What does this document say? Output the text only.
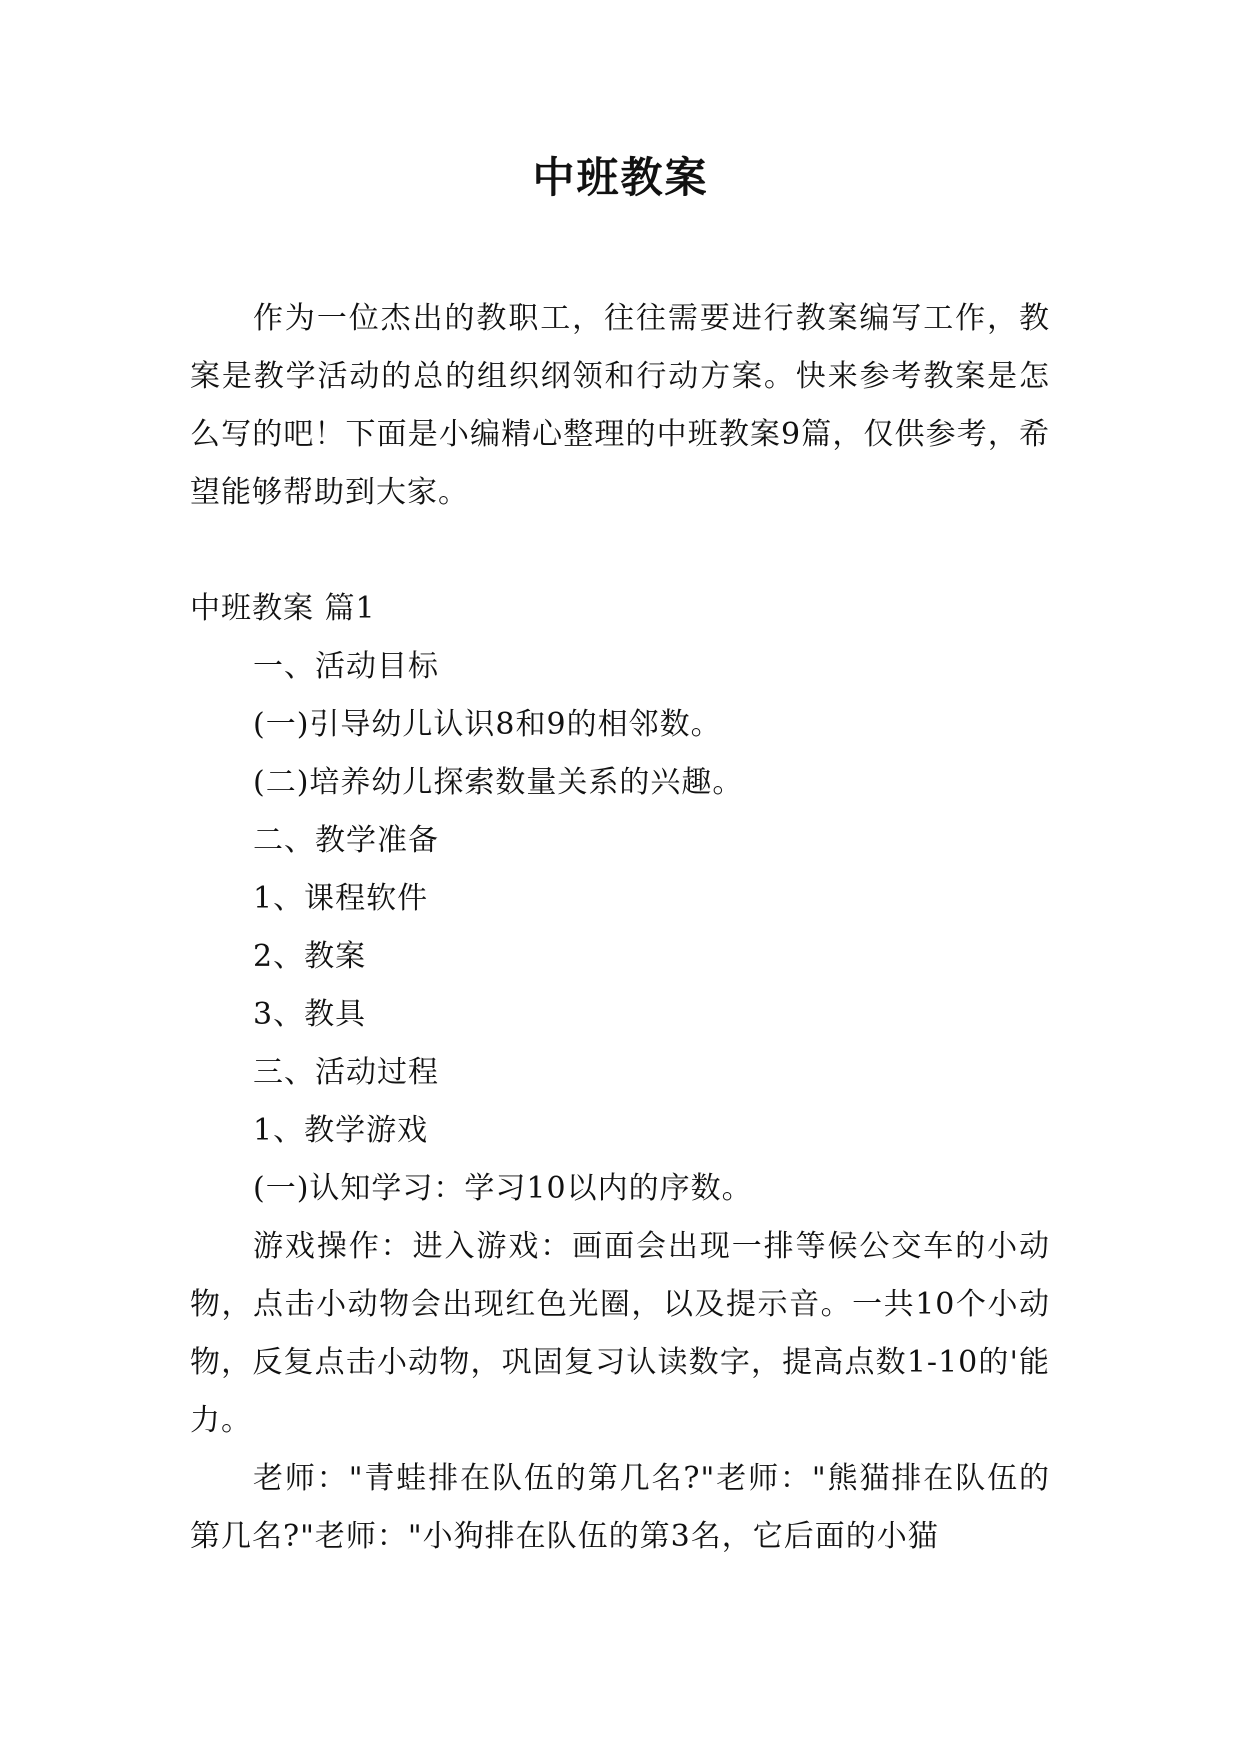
中班教案

作为一位杰出的教职工，往往需要进行教案编写工作，教案是教学活动的总的组织纲领和行动方案。快来参考教案是怎么写的吧！下面是小编精心整理的中班教案9篇，仅供参考，希望能够帮助到大家。

中班教案 篇1

一、活动目标

(一)引导幼儿认识8和9的相邻数。

(二)培养幼儿探索数量关系的兴趣。

二、教学准备

1、课程软件

2、教案

3、教具

三、活动过程

1、教学游戏

(一)认知学习：学习10以内的序数。

游戏操作：进入游戏：画面会出现一排等候公交车的小动物，点击小动物会出现红色光圈，以及提示音。一共10个小动物，反复点击小动物，巩固复习认读数字，提高点数1-10的'能力。

老师："青蛙排在队伍的第几名?"老师："熊猫排在队伍的第几名?"老师："小狗排在队伍的第3名，它后面的小猫
